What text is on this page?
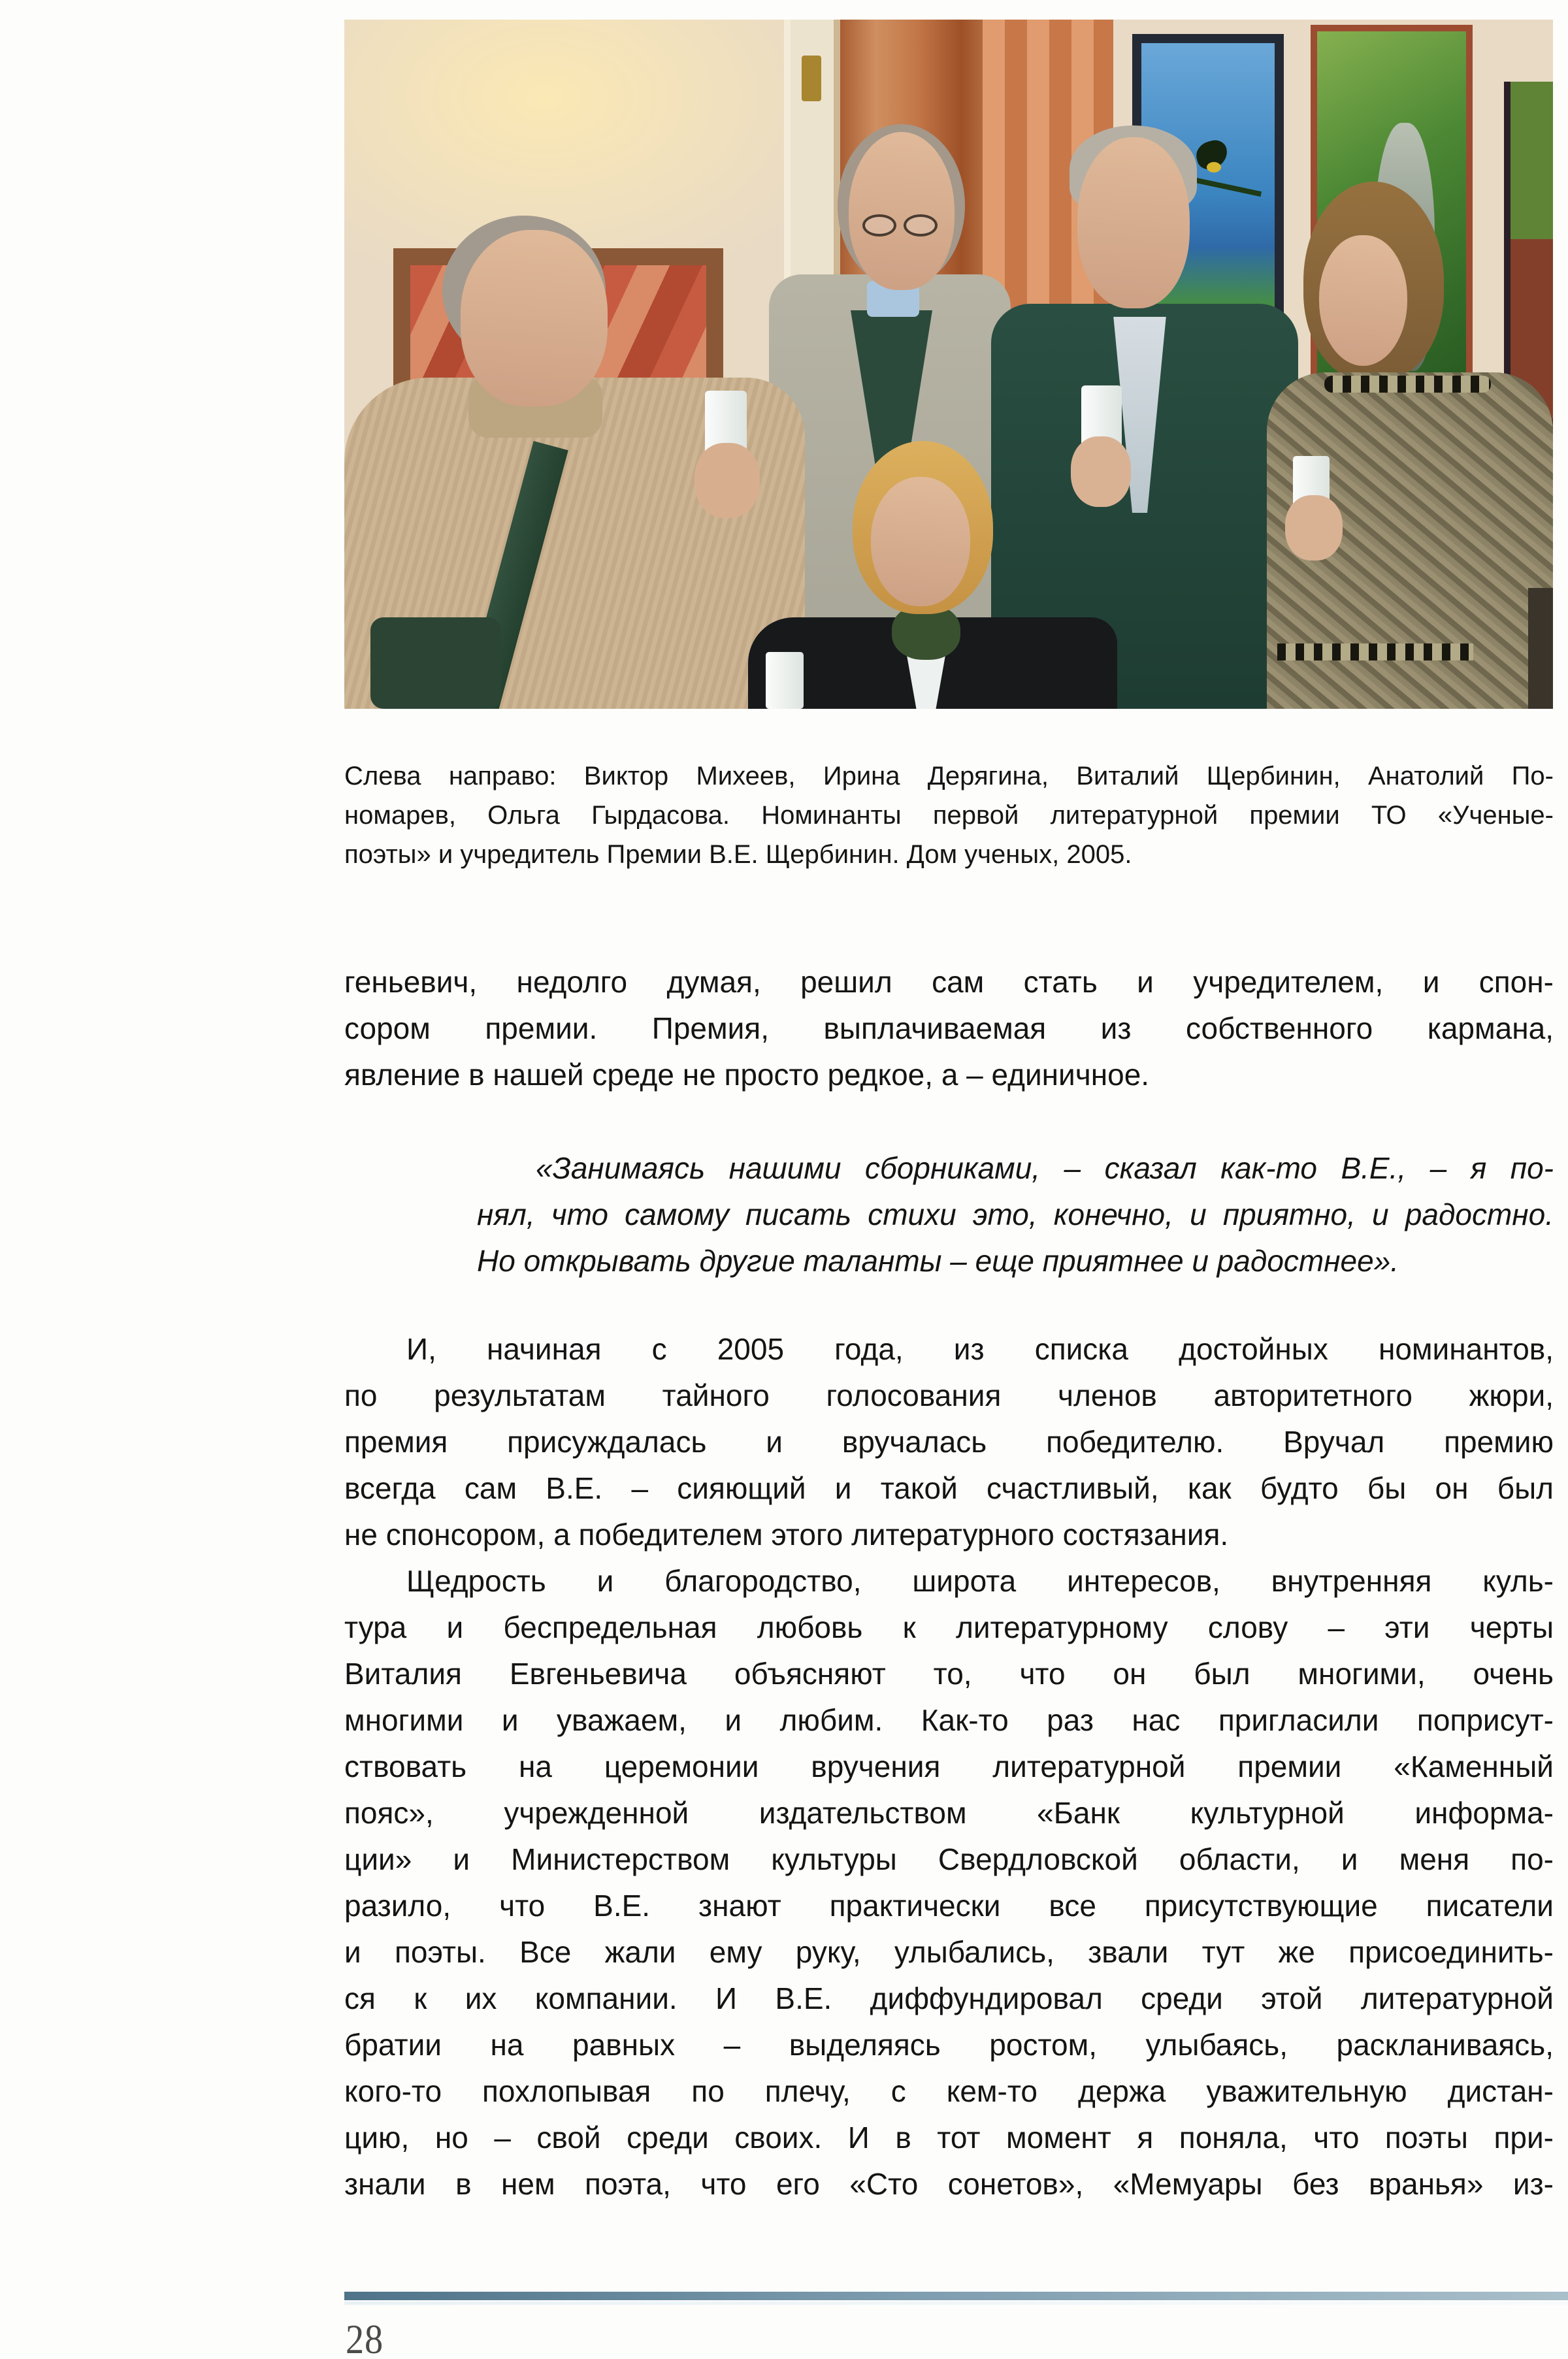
Слева направо: Виктор Михеев, Ирина Дерягина, Виталий Щербинин, Анатолий По-
номарев, Ольга Гырдасова. Номинанты первой литературной премии ТО «Ученые-
поэты» и учредитель Премии В.Е. Щербинин. Дом ученых, 2005.
геньевич, недолго думая, решил сам стать и учредителем, и спон-
сором премии. Премия, выплачиваемая из собственного кармана,
явление в нашей среде не просто редкое, а – единичное.
«Занимаясь нашими сборниками, – сказал как-то В.Е., – я по-
нял, что самому писать стихи это, конечно, и приятно, и радостно.
Но открывать другие таланты – еще приятнее и радостнее».
И, начиная с 2005 года, из списка достойных номинантов,
по результатам тайного голосования членов авторитетного жюри,
премия присуждалась и вручалась победителю. Вручал премию
всегда сам В.Е. – сияющий и такой счастливый, как будто бы он был
не спонсором, а победителем этого литературного состязания.
Щедрость и благородство, широта интересов, внутренняя куль-
тура и беспредельная любовь к литературному слову – эти черты
Виталия Евгеньевича объясняют то, что он был многими, очень
многими и уважаем, и любим. Как-то раз нас пригласили поприсут-
ствовать на церемонии вручения литературной премии «Каменный
пояс», учрежденной издательством «Банк культурной информа-
ции» и Министерством культуры Свердловской области, и меня по-
разило, что В.Е. знают практически все присутствующие писатели
и поэты. Все жали ему руку, улыбались, звали тут же присоединить-
ся к их компании. И В.Е. диффундировал среди этой литературной
братии на равных – выделяясь ростом, улыбаясь, раскланиваясь,
кого-то похлопывая по плечу, с кем-то держа уважительную дистан-
цию, но – свой среди своих. И в тот момент я поняла, что поэты при-
знали в нем поэта, что его «Сто сонетов», «Мемуары без вранья» из-
28
